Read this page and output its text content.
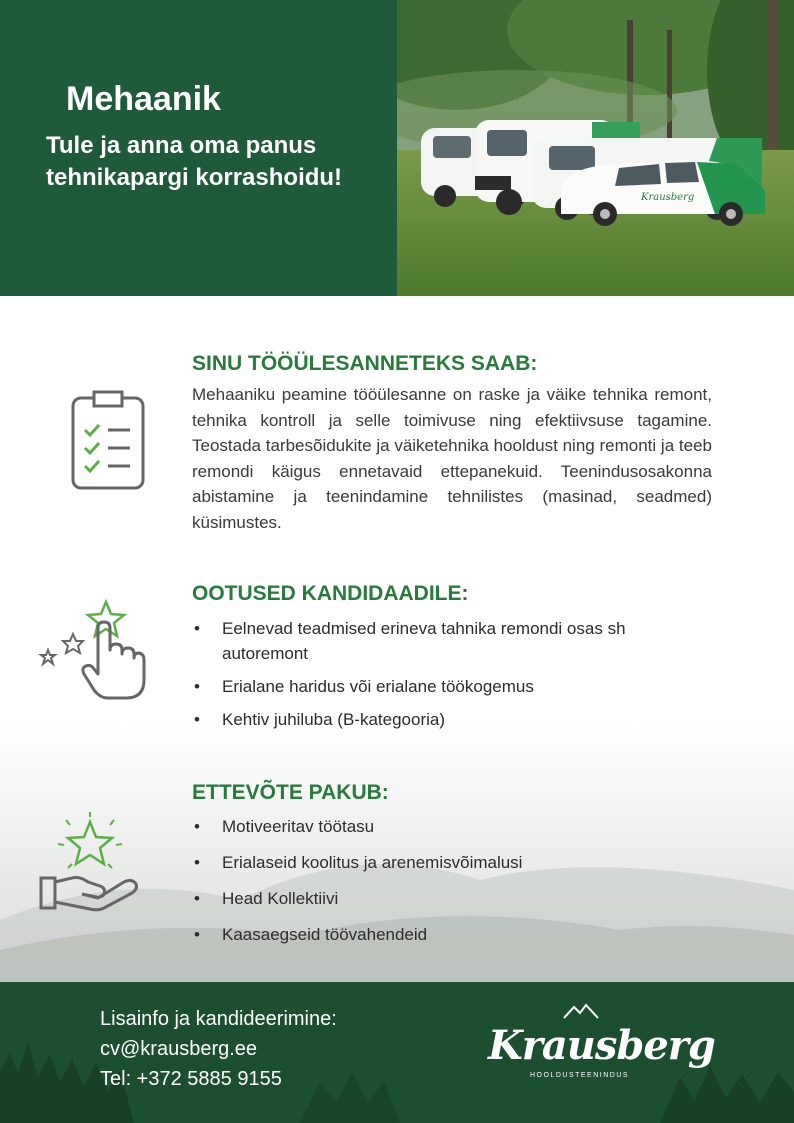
Mehaanik
Tule ja anna oma panus tehnikapargi korrashoidu!
Krausberg
SINU TÖÖÜLESANNETEKS SAAB:
Mehaaniku peamine tööülesanne on raske ja väike tehnika remont, tehnika kontroll ja selle toimivuse ning efektiivsuse tagamine. Teostada tarbesõidukite ja väiketehnika hooldust ning remonti ja teeb remondi käigus ennetavaid ettepanekuid. Teenindusosakonna abistamine ja teenindamine tehnilistes (masinad, seadmed) küsimustes.
OOTUSED KANDIDAADILE:
• Eelnevad teadmised erineva tahnika remondi osas sh autoremont
• Erialane haridus või erialane töökogemus
• Kehtiv juhiluba (B-kategooria)
ETTEVÕTE PAKUB:
• Motiveeritav töötasu
• Erialaseid koolitus ja arenemisvõimalusi
• Head Kollektiivi
• Kaasaegseid töövahendeid
Lisainfo ja kandideerimine:
cv@krausberg.ee
Tel: +372 5885 9155
Krausberg
HOOLDUSTEENINDUS
